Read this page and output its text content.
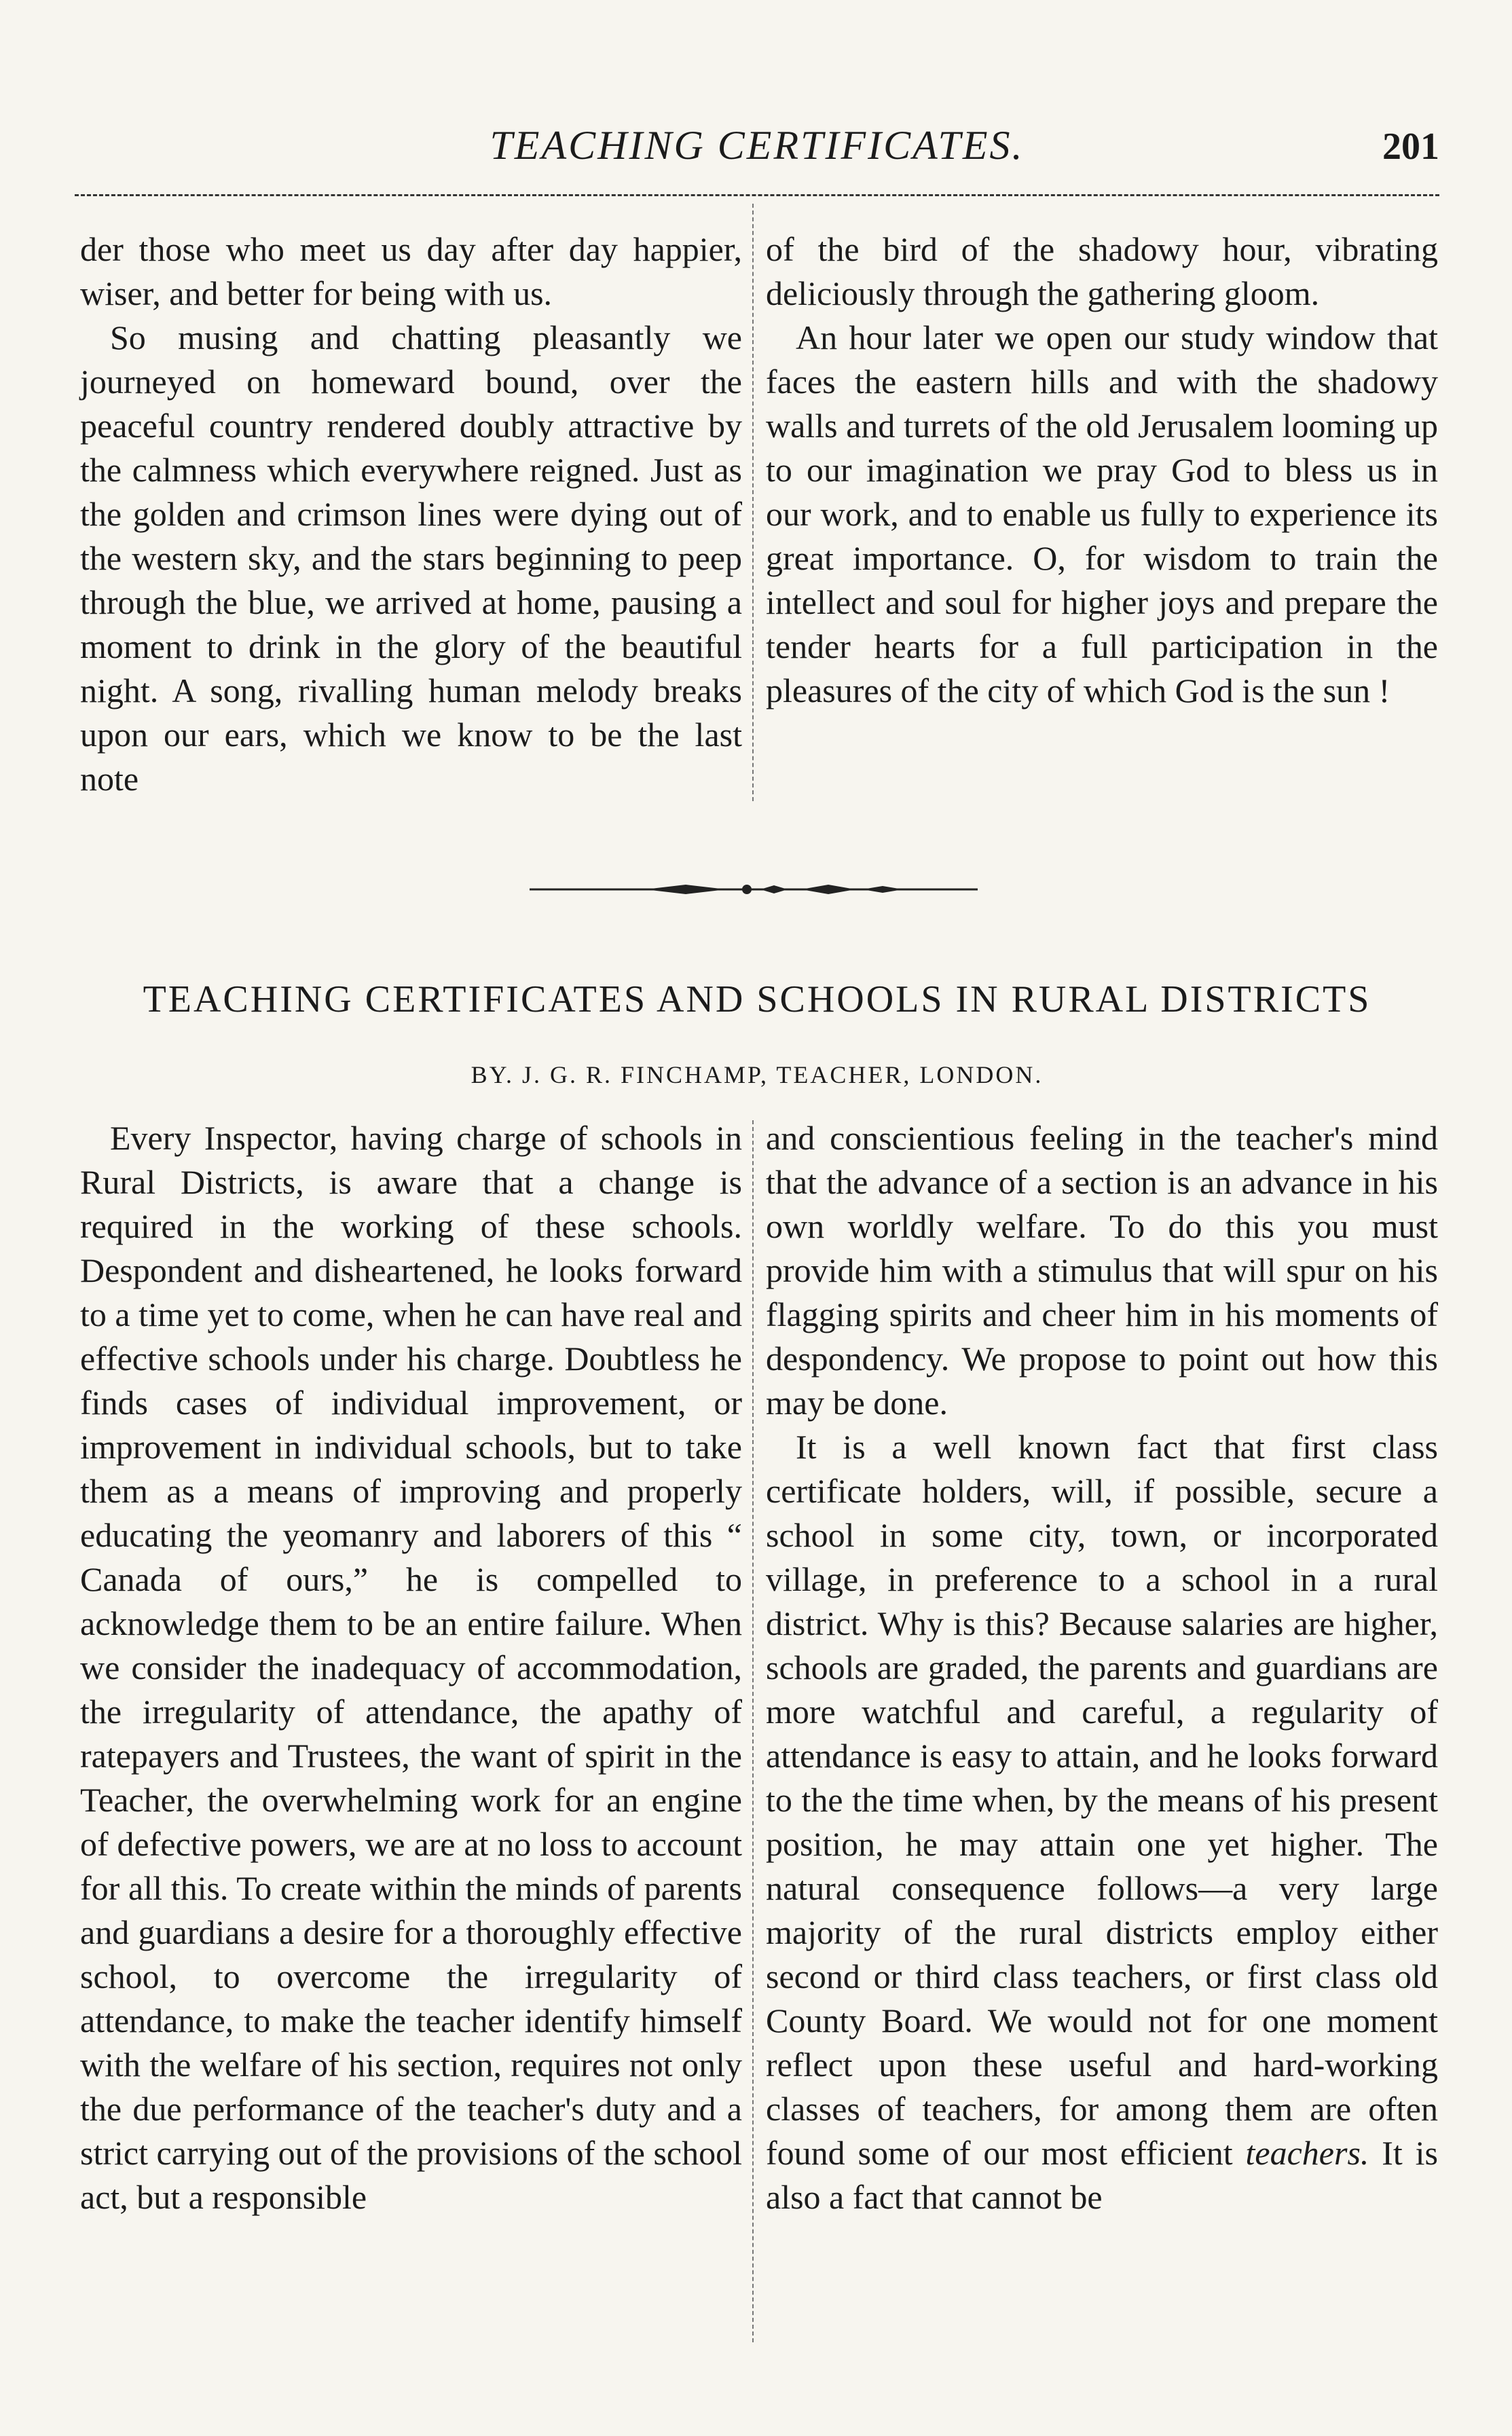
TEACHING CERTIFICATES.	201

der those who meet us day after day happier, wiser, and better for being with us.

So musing and chatting pleasantly we journeyed on homeward bound, over the peaceful country rendered doubly attractive by the calmness which everywhere reigned. Just as the golden and crimson lines were dying out of the western sky, and the stars beginning to peep through the blue, we arrived at home, pausing a moment to drink in the glory of the beautiful night. A song, rivalling human melody breaks upon our ears, which we know to be the last note

of the bird of the shadowy hour, vibrating deliciously through the gathering gloom.

An hour later we open our study window that faces the eastern hills and with the shadowy walls and turrets of the old Jerusalem looming up to our imagination we pray God to bless us in our work, and to enable us fully to experience its great importance. O, for wisdom to train the intellect and soul for higher joys and prepare the tender hearts for a full participation in the pleasures of the city of which God is the sun !

TEACHING CERTIFICATES AND SCHOOLS IN RURAL DISTRICTS
BY. J. G. R. FINCHAMP, TEACHER, LONDON.

Every Inspector, having charge of schools in Rural Districts, is aware that a change is required in the working of these schools. Despondent and disheartened, he looks forward to a time yet to come, when he can have real and effective schools under his charge. Doubtless he finds cases of individual improvement, or improvement in individual schools, but to take them as a means of improving and properly educating the yeomanry and laborers of this “ Canada of ours,” he is compelled to acknowledge them to be an entire failure. When we consider the inadequacy of accommodation, the irregularity of attendance, the apathy of ratepayers and Trustees, the want of spirit in the Teacher, the overwhelming work for an engine of defective powers, we are at no loss to account for all this. To create within the minds of parents and guardians a desire for a thoroughly effective school, to overcome the irregularity of attendance, to make the teacher identify himself with the welfare of his section, requires not only the due performance of the teacher's duty and a strict carrying out of the provisions of the school act, but a responsible

and conscientious feeling in the teacher's mind that the advance of a section is an advance in his own worldly welfare. To do this you must provide him with a stimulus that will spur on his flagging spirits and cheer him in his moments of despondency. We propose to point out how this may be done.

It is a well known fact that first class certificate holders, will, if possible, secure a school in some city, town, or incorporated village, in preference to a school in a rural district. Why is this? Because salaries are higher, schools are graded, the parents and guardians are more watchful and careful, a regularity of attendance is easy to attain, and he looks forward to the the time when, by the means of his present position, he may attain one yet higher. The natural consequence follows—a very large majority of the rural districts employ either second or third class teachers, or first class old County Board. We would not for one moment reflect upon these useful and hard-working classes of teachers, for among them are often found some of our most efficient teachers. It is also a fact that cannot be
